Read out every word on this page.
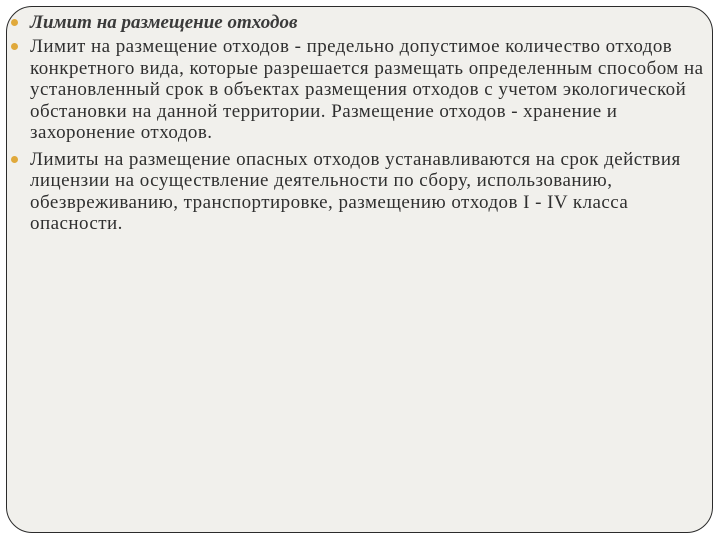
Лимит на размещение отходов
Лимит на размещение отходов - предельно допустимое количество отходов конкретного вида, которые разрешается размещать определенным способом на установленный срок в объектах размещения отходов с учетом экологической обстановки на данной территории. Размещение отходов - хранение и захоронение отходов.
Лимиты на размещение опасных отходов устанавливаются на срок действия лицензии на осуществление деятельности по сбору, использованию, обезвреживанию, транспортировке, размещению отходов I - IV класса опасности.
